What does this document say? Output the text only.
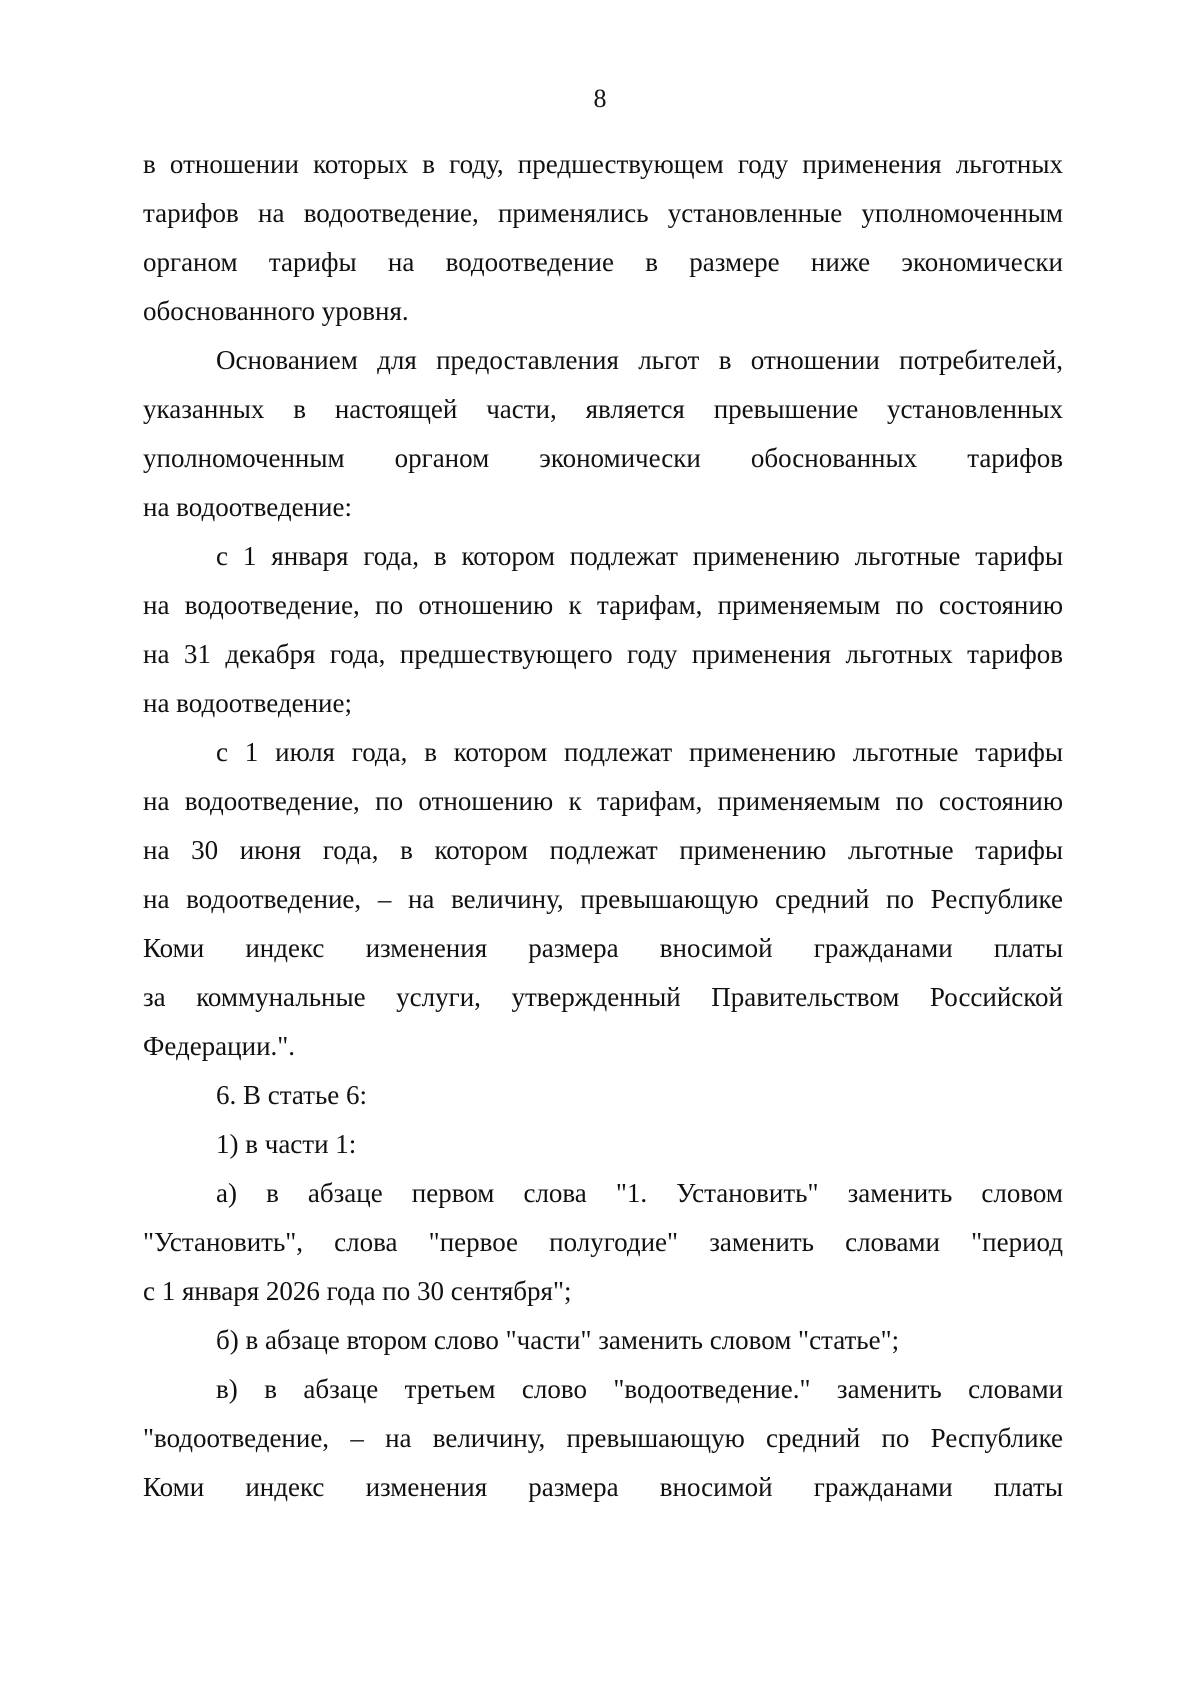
8
в отношении которых в году, предшествующем году применения льготных
тарифов на водоотведение, применялись установленные уполномоченным
органом тарифы на водоотведение в размере ниже экономически
обоснованного уровня.
Основанием для предоставления льгот в отношении потребителей,
указанных в настоящей части, является превышение установленных
уполномоченным органом экономически обоснованных тарифов
на водоотведение:
с 1 января года, в котором подлежат применению льготные тарифы
на водоотведение, по отношению к тарифам, применяемым по состоянию
на 31 декабря года, предшествующего году применения льготных тарифов
на водоотведение;
с 1 июля года, в котором подлежат применению льготные тарифы
на водоотведение, по отношению к тарифам, применяемым по состоянию
на 30 июня года, в котором подлежат применению льготные тарифы
на водоотведение, – на величину, превышающую средний по Республике
Коми индекс изменения размера вносимой гражданами платы
за коммунальные услуги, утвержденный Правительством Российской
Федерации.".
6. В статье 6:
1) в части 1:
а) в абзаце первом слова "1. Установить" заменить словом
"Установить", слова "первое полугодие" заменить словами "период
с 1 января 2026 года по 30 сентября";
б) в абзаце втором слово "части" заменить словом "статье";
в) в абзаце третьем слово "водоотведение." заменить словами
"водоотведение, – на величину, превышающую средний по Республике
Коми индекс изменения размера вносимой гражданами платы
